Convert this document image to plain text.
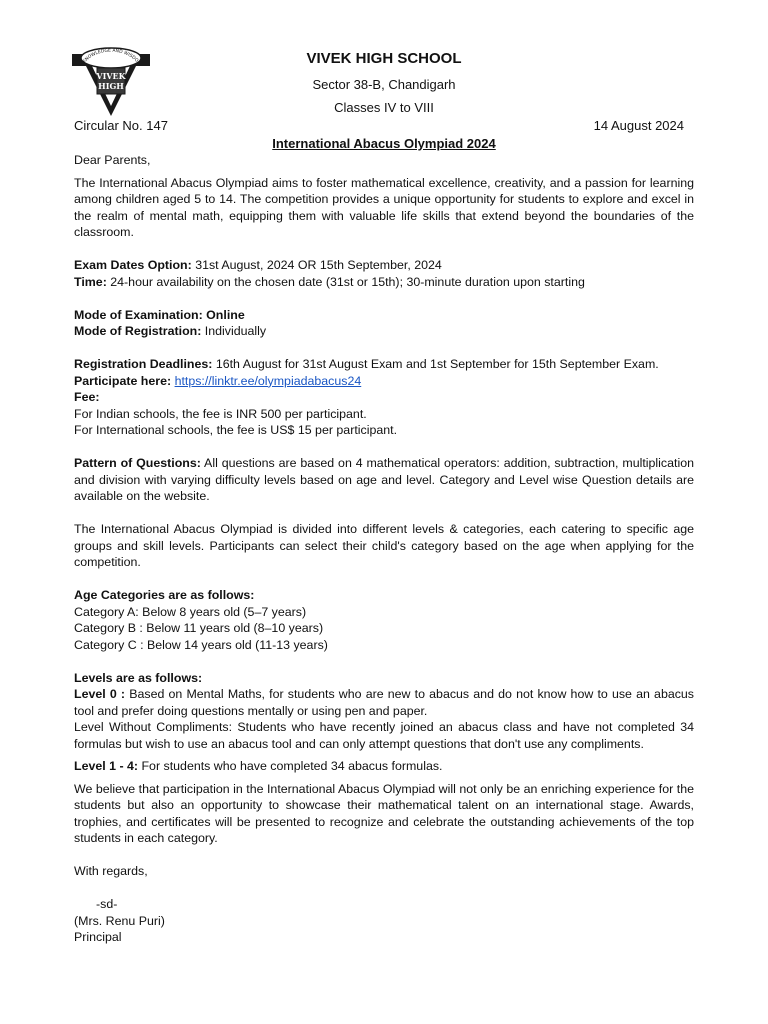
VIVEK
HIGH
KNOWLEDGE AND WISDOM	VIVEK HIGH SCHOOL
Sector 38-B, Chandigarh
Classes IV to VIII
Circular No. 147	14 August 2024
International Abacus Olympiad 2024

Dear Parents,

The International Abacus Olympiad aims to foster mathematical excellence, creativity, and a passion for learning among children aged 5 to 14. The competition provides a unique opportunity for students to explore and excel in the realm of mental math, equipping them with valuable life skills that extend beyond the boundaries of the classroom.

Exam Dates Option: 31st August, 2024 OR 15th September, 2024

Time: 24-hour availability on the chosen date (31st or 15th); 30-minute duration upon starting

Mode of Examination: Online

Mode of Registration: Individually

Registration Deadlines: 16th August for 31st August Exam and 1st September for 15th September Exam.

Participate here: https://linktr.ee/olympiadabacus24

Fee:

For Indian schools, the fee is INR 500 per participant.

For International schools, the fee is US$ 15 per participant.

Pattern of Questions: All questions are based on 4 mathematical operators: addition, subtraction, multiplication and division with varying difficulty levels based on age and level. Category and Level wise Question details are available on the website.

The International Abacus Olympiad is divided into different levels & categories, each catering to specific age groups and skill levels. Participants can select their child's category based on the age when applying for the competition.

Age Categories are as follows:

Category A: Below 8 years old (5–7 years)

Category B : Below 11 years old (8–10 years)

Category C : Below 14 years old (11-13 years)

Levels are as follows:

Level 0 : Based on Mental Maths, for students who are new to abacus and do not know how to use an abacus tool and prefer doing questions mentally or using pen and paper.

Level Without Compliments: Students who have recently joined an abacus class and have not completed 34 formulas but wish to use an abacus tool and can only attempt questions that don't use any compliments.

Level 1 - 4: For students who have completed 34 abacus formulas.

We believe that participation in the International Abacus Olympiad will not only be an enriching experience for the students but also an opportunity to showcase their mathematical talent on an international stage. Awards, trophies, and certificates will be presented to recognize and celebrate the outstanding achievements of the top students in each category.

With regards,

-sd-

(Mrs. Renu Puri)

Principal
